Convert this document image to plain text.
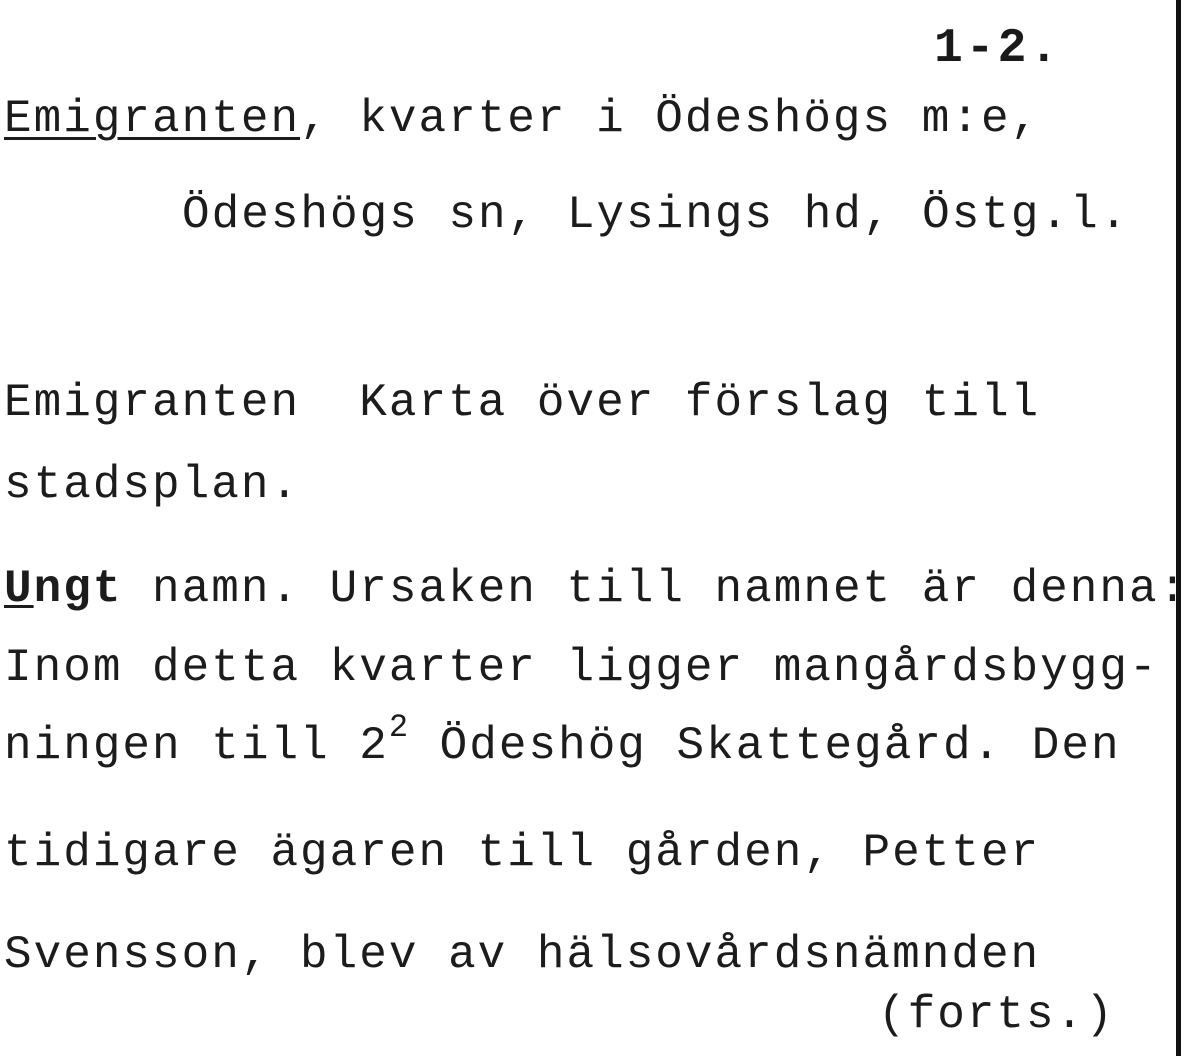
1-2.
Emigranten, kvarter i Ödeshögs m:e,
Ödeshögs sn, Lysings hd, Östg.l.
Emigranten  Karta över förslag till
stadsplan.
Ungt namn. Ursaken till namnet är denna:
Inom detta kvarter ligger mangårdsbygg-
ningen till $2^2$ Ödeshög Skattegård. Den
tidigare ägaren till gården, Petter
Svensson, blev av hälsovårdsnämnden
(forts.)
